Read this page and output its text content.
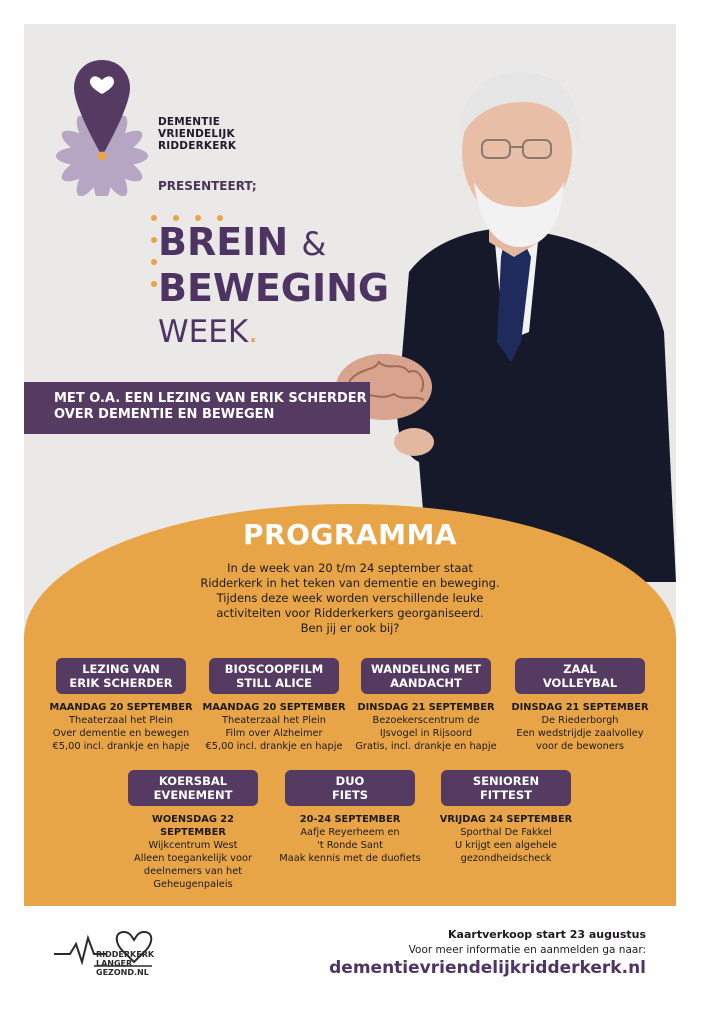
DEMENTIE
VRIENDELIJK
RIDDERKERK
PRESENTEERT;
BREIN &
BEWEGING
WEEK.
MET O.A. EEN LEZING VAN ERIK SCHERDER
OVER DEMENTIE EN BEWEGEN
PROGRAMMA
In de week van 20 t/m 24 september staat
Ridderkerk in het teken van dementie en beweging.
Tijdens deze week worden verschillende leuke
activiteiten voor Ridderkerkers georganiseerd.
Ben jij er ook bij?
LEZING VAN
ERIK SCHERDER
MAANDAG 20 SEPTEMBER
Theaterzaal het Plein
Over dementie en bewegen
€5,00 incl. drankje en hapje
BIOSCOOPFILM
STILL ALICE
MAANDAG 20 SEPTEMBER
Theaterzaal het Plein
Film over Alzheimer
€5,00 incl. drankje en hapje
WANDELING MET
AANDACHT
DINSDAG 21 SEPTEMBER
Bezoekerscentrum de
IJsvogel in Rijsoord
Gratis, incl. drankje en hapje
ZAAL
VOLLEYBAL
DINSDAG 21 SEPTEMBER
De Riederborgh
Een wedstrijdje zaalvolley
voor de bewoners
KOERSBAL
EVENEMENT
WOENSDAG 22 SEPTEMBER
Wijkcentrum West
Alleen toegankelijk voor
deelnemers van het
Geheugenpaleis
DUO
FIETS
20-24 SEPTEMBER
Aafje Reyerheem en
't Ronde Sant
Maak kennis met de duofiets
SENIOREN
FITTEST
VRIJDAG 24 SEPTEMBER
Sporthal De Fakkel
U krijgt een algehele
gezondheidscheck
RIDDERKERK
LANGER
GEZOND.NL
Kaartverkoop start 23 augustus
Voor meer informatie en aanmelden ga naar:
dementievriendelijkridderkerk.nl
